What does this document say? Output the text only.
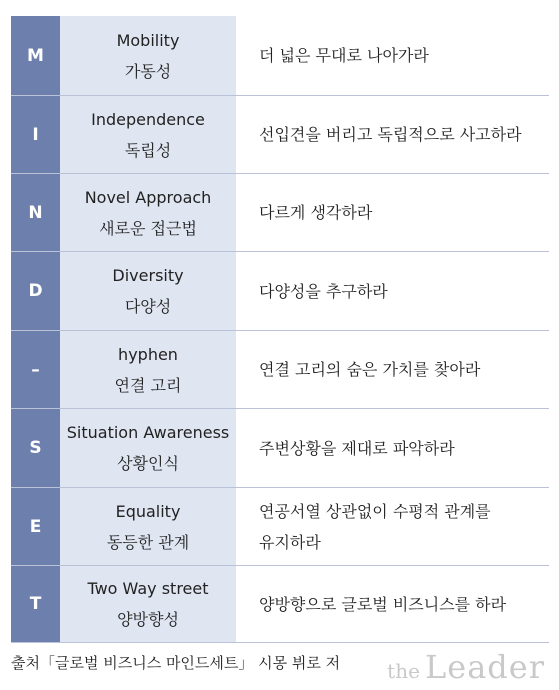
M
Mobility
가동성
더 넓은 무대로 나아가라
I
Independence
독립성
선입견을 버리고 독립적으로 사고하라
N
Novel Approach
새로운 접근법
다르게 생각하라
D
Diversity
다양성
다양성을 추구하라
–
hyphen
연결 고리
연결 고리의 숨은 가치를 찾아라
S
Situation Awareness
상황인식
주변상황을 제대로 파악하라
E
Equality
동등한 관계
연공서열 상관없이 수평적 관계를
유지하라
T
Two Way street
양방향성
양방향으로 글로벌 비즈니스를 하라
출처「글로벌 비즈니스 마인드세트」 시몽 뷔로 저 the Leader
